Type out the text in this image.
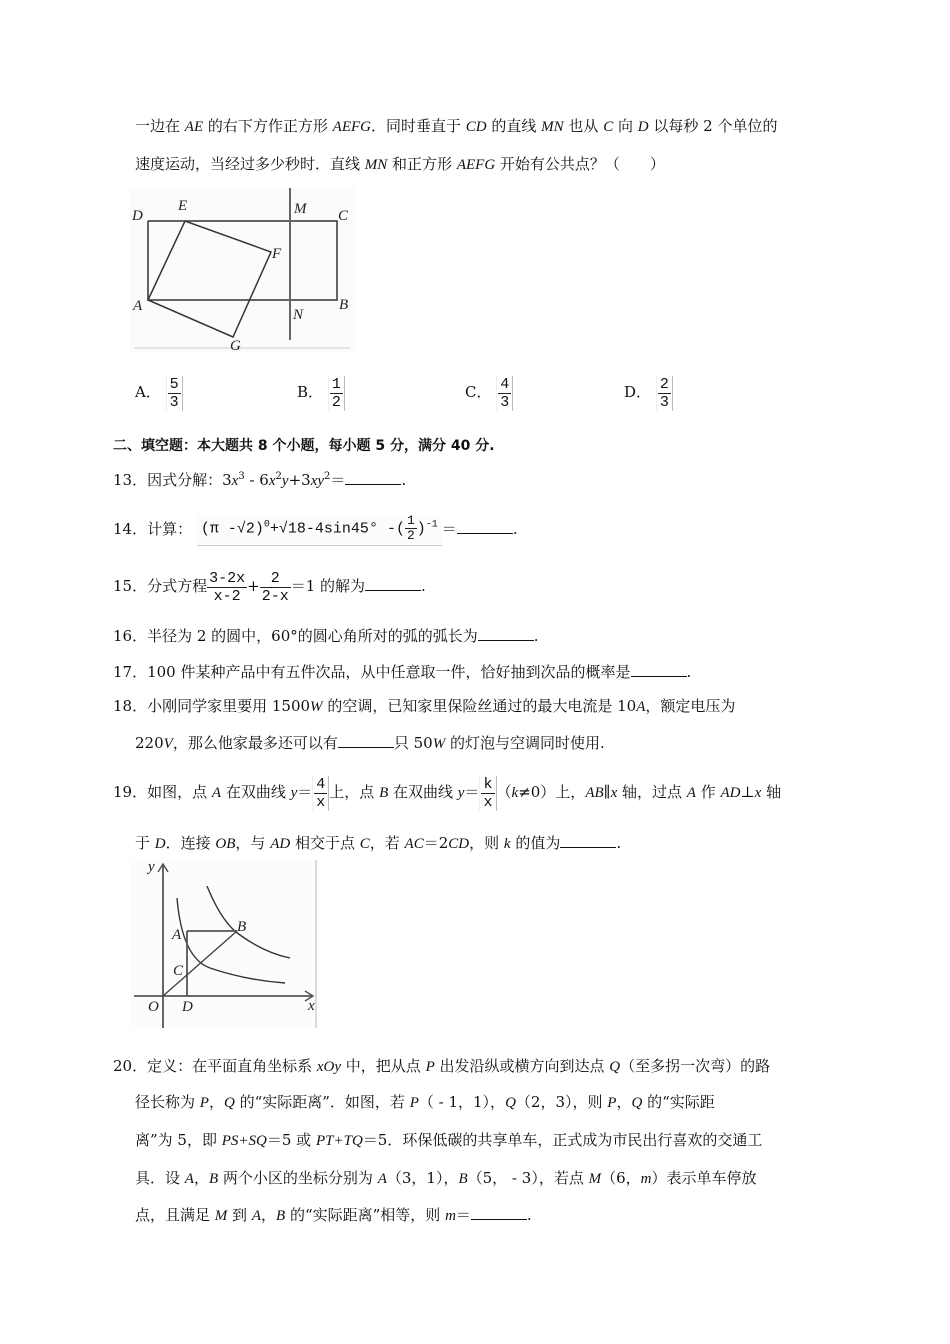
一边在 AE 的右下方作正方形 AEFG．同时垂直于 CD 的直线 MN 也从 C 向 D 以每秒 2 个单位的
速度运动，当经过多少秒时．直线 MN 和正方形 AEFG 开始有公共点？（　　）
D
E	M C
F
A	B
N
G
A． $\frac{5}{3}$	B． $\frac{1}{2}$	C． $\frac{4}{3}$	D． $\frac{2}{3}$
二、填空题：本大题共 8 个小题，每小题 5 分，满分 40 分.
13．因式分解：$3x^3 - 6x^2y+3xy^2=$	.
14．计算： (π -√2)$^0$+√18-4sin45° -( $\frac{1}{2} )^{-1}$ ＝	.
15．分式方程 $\frac{3-2x}{x-2} + \frac{2}{2-x} =1$ 的解为	.
16．半径为 2 的圆中，60°的圆心角所对的弧的弧长为	.
17．100 件某种产品中有五件次品，从中任意取一件，恰好抽到次品的概率是	.
18．小刚同学家里要用 1500W 的空调，已知家里保险丝通过的最大电流是 10A，额定电压为
220V，那么他家最多还可以有	只 50W 的灯泡与空调同时使用.
19．如图，点 A 在双曲线 $y= \frac{4}{x}$ 上，点 B 在双曲线 $y= \frac{k}{x} (k\ne 0)$上，AB∥x 轴，过点 A 作 AD⊥x 轴
于 D．连接 OB，与 AD 相交于点 C，若 AC＝2CD，则 k 的值为	.
y
x
O D
A	B
C
20．定义：在平面直角坐标系 xOy 中，把从点 P 出发沿纵或横方向到达点 Q（至多拐一次弯）的路
径长称为 P，Q 的“实际距离”．如图，若 P（ - 1，1），Q（2，3），则 P，Q 的“实际距
离”为 5，即 PS+SQ＝5 或 PT+TQ＝5．环保低碳的共享单车，正式成为市民出行喜欢的交通工
具．设 A，B 两个小区的坐标分别为 A（3，1），B（5， - 3），若点 M（6，m）表示单车停放
点，且满足 M 到 A，B 的“实际距离”相等，则 m＝	.
